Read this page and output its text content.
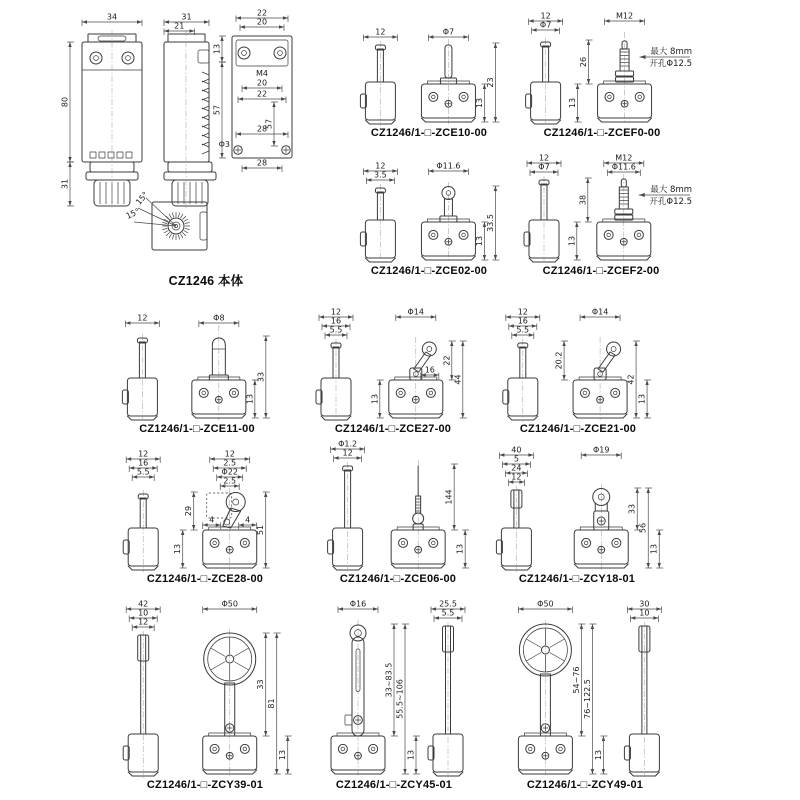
34
80
31
31
21
M4
20
22
57
28
Φ3
22
20
13
57
28
15°
15°
CZ1246 本体
12	Φ7
13
23
CZ1246/1-□-ZCE10-00
12
Φ7
M12
26
13
最大 8mm
开孔Φ12.5
CZ1246/1-□-ZCEF0-00
12
3.5
Φ11.6
13
33.5
CZ1246/1-□-ZCE02-00
12
Φ7
M12
Φ11.6
38
13
最大 8mm
开孔Φ12.5
CZ1246/1-□-ZCEF2-00
12	Φ8
13
33
CZ1246/1-□-ZCE11-00
12
16
5.5
Φ14
22
44
13
16
CZ1246/1-□-ZCE27-00
12
16
5.5
Φ14
42
13
20.2
CZ1246/1-□-ZCE21-00
12
16
5.5
12
2.5
Φ22
2.5
51
29
13
4	4
CZ1246/1-□-ZCE28-00
Φ1.2
12
144
13
CZ1246/1-□-ZCE06-00
40
5
24
12
Φ19
33
56
13
CZ1246/1-□-ZCY18-01
42
10
12
Φ50
33
81
13
CZ1246/1-□-ZCY39-01
25.5
5.5
Φ16
33~83.5 55.5~106
13
CZ1246/1-□-ZCY45-01
30
10
Φ50
54~76 76~122.5
13
CZ1246/1-□-ZCY49-01
